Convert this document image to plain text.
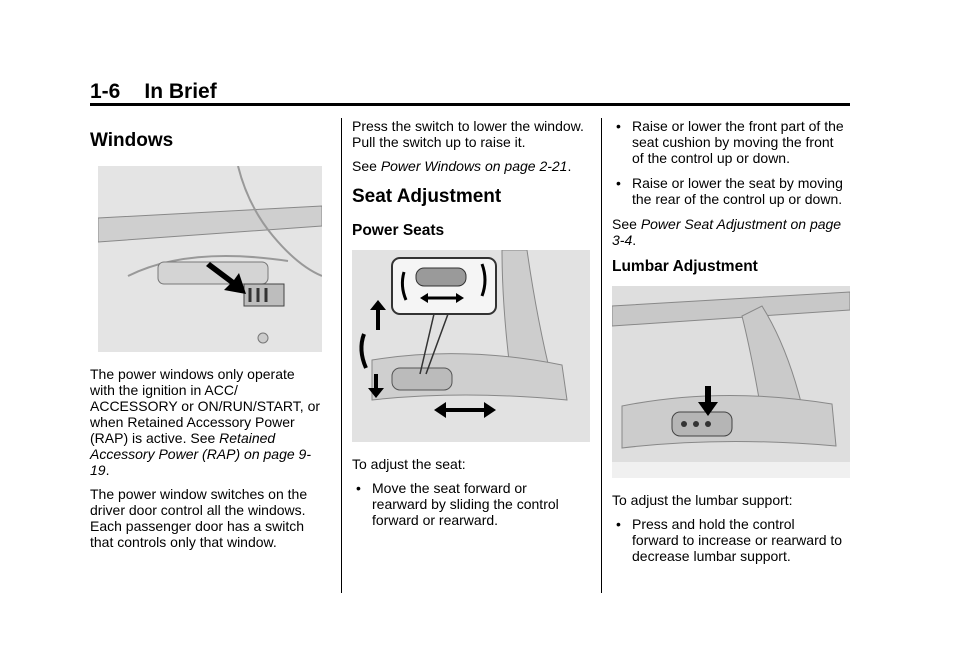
1-6 In Brief
Windows

The power windows only operate with the ignition in ACC/ ACCESSORY or ON/RUN/START, or when Retained Accessory Power (RAP) is active. See Retained Accessory Power (RAP) on page 9-19.

The power window switches on the driver door control all the windows. Each passenger door has a switch that controls only that window.

Press the switch to lower the window. Pull the switch up to raise it.

See Power Windows on page 2-21.

Seat Adjustment
Power Seats

To adjust the seat:

• Move the seat forward or rearward by sliding the control forward or rearward.
• Raise or lower the front part of the seat cushion by moving the front of the control up or down.
• Raise or lower the seat by moving the rear of the control up or down.

See Power Seat Adjustment on page 3-4.

Lumbar Adjustment

To adjust the lumbar support:

• Press and hold the control forward to increase or rearward to decrease lumbar support.
